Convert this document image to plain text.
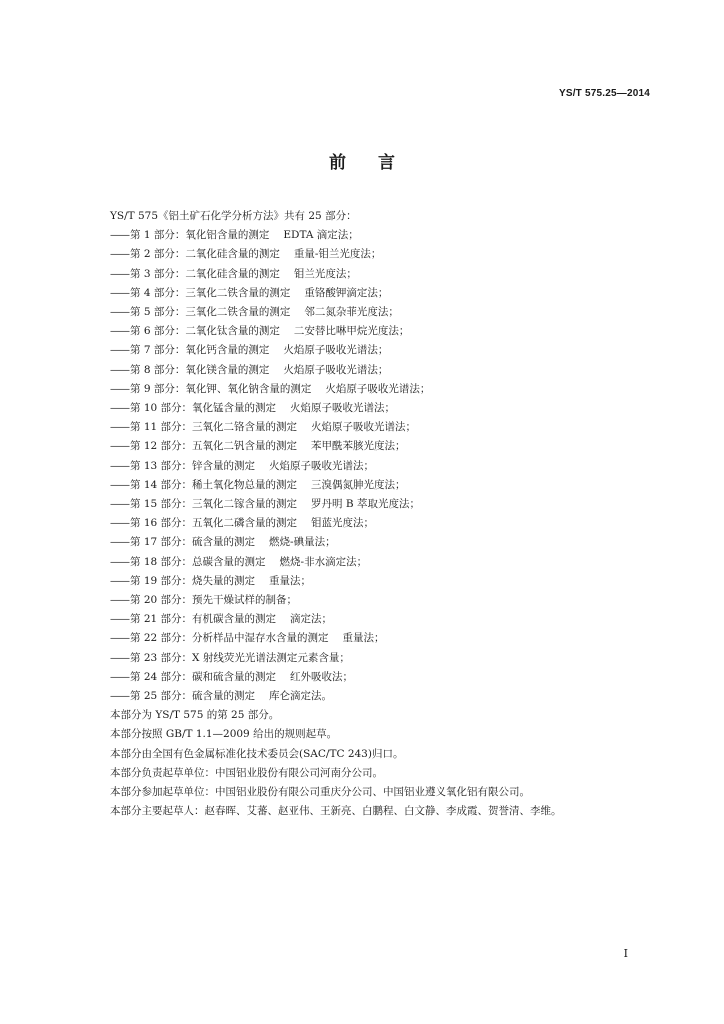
YS/T 575.25—2014
前言
YS/T 575《铝土矿石化学分析方法》共有 25 部分：
——第 1 部分：氧化铝含量的测定 EDTA 滴定法；
——第 2 部分：二氧化硅含量的测定 重量-钼兰光度法；
——第 3 部分：二氧化硅含量的测定 钼兰光度法；
——第 4 部分：三氧化二铁含量的测定 重铬酸钾滴定法；
——第 5 部分：三氧化二铁含量的测定 邻二氮杂菲光度法；
——第 6 部分：二氧化钛含量的测定 二安替比啉甲烷光度法；
——第 7 部分：氧化钙含量的测定 火焰原子吸收光谱法；
——第 8 部分：氧化镁含量的测定 火焰原子吸收光谱法；
——第 9 部分：氧化钾、氧化钠含量的测定 火焰原子吸收光谱法；
——第 10 部分：氧化锰含量的测定 火焰原子吸收光谱法；
——第 11 部分：三氧化二铬含量的测定 火焰原子吸收光谱法；
——第 12 部分：五氧化二钒含量的测定 苯甲酰苯胲光度法；
——第 13 部分：锌含量的测定 火焰原子吸收光谱法；
——第 14 部分：稀土氧化物总量的测定 三溴偶氮胂光度法；
——第 15 部分：三氧化二镓含量的测定 罗丹明 B 萃取光度法；
——第 16 部分：五氧化二磷含量的测定 钼蓝光度法；
——第 17 部分：硫含量的测定 燃烧-碘量法；
——第 18 部分：总碳含量的测定 燃烧-非水滴定法；
——第 19 部分：烧失量的测定 重量法；
——第 20 部分：预先干燥试样的制备；
——第 21 部分：有机碳含量的测定 滴定法；
——第 22 部分：分析样品中湿存水含量的测定 重量法；
——第 23 部分：X 射线荧光光谱法测定元素含量；
——第 24 部分：碳和硫含量的测定 红外吸收法；
——第 25 部分：硫含量的测定 库仑滴定法。
本部分为 YS/T 575 的第 25 部分。
本部分按照 GB/T 1.1—2009 给出的规则起草。
本部分由全国有色金属标准化技术委员会(SAC/TC 243)归口。
本部分负责起草单位：中国铝业股份有限公司河南分公司。
本部分参加起草单位：中国铝业股份有限公司重庆分公司、中国铝业遵义氧化铝有限公司。
本部分主要起草人：赵春晖、艾蕃、赵亚伟、王新亮、白鹏程、白文静、李成霞、贺誉清、李维。
I
